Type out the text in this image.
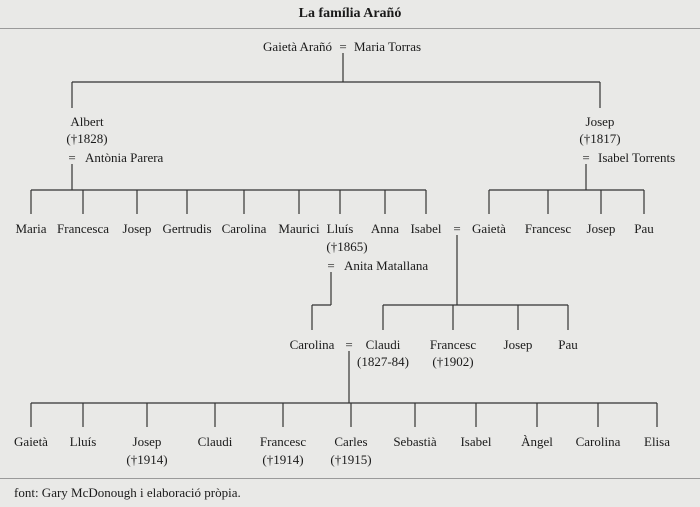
La família Arañó
Gaietà Arañó = Maria Torras
Albert
(†1828)
= Antònia Parera
Josep
(†1817)
= Isabel Torrents
Maria Francesca Josep Gertrudis Carolina Maurici Lluís Anna Isabel
(†1865)
= Anita Matallana
Gaietà Francesc Josep Pau
=
Carolina Claudi
(1827-84)
Francesc
(†1902)
Josep Pau
=
Gaietà Lluís	Josep
(†1914)
Claudi Francesc
(†1914)
Carles
(†1915)
Sebastià Isabel Àngel Carolina Elisa
font: Gary McDonough i elaboració pròpia.
